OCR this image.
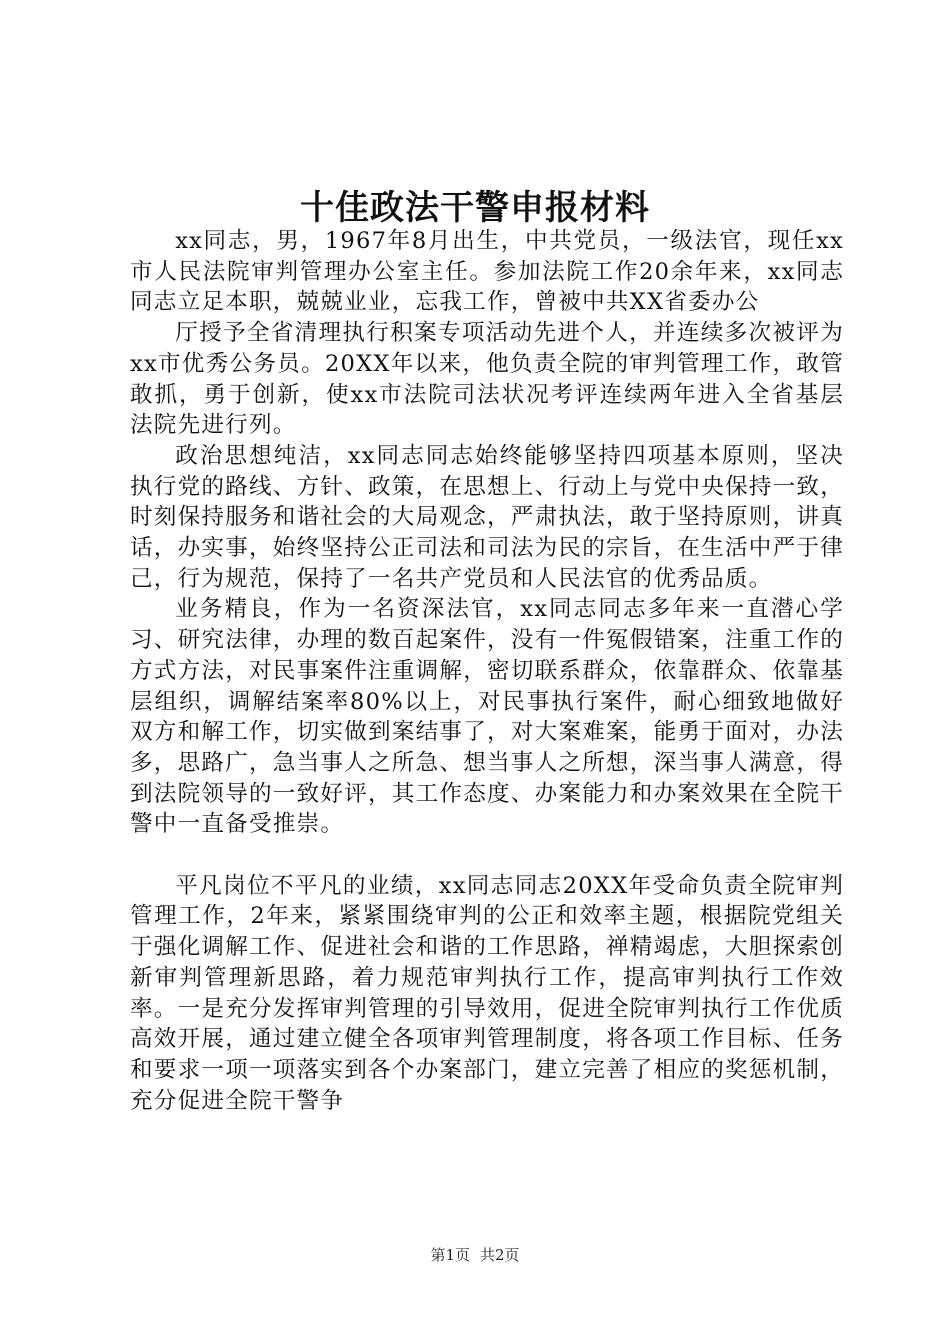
十佳政法干警申报材料

xx同志，男，1967年8月出生，中共党员，一级法官，现任xx市人民法院审判管理办公室主任。参加法院工作20余年来，xx同志同志立足本职，兢兢业业，忘我工作，曾被中共XX省委办公

厅授予全省清理执行积案专项活动先进个人，并连续多次被评为xx市优秀公务员。20XX年以来，他负责全院的审判管理工作，敢管敢抓，勇于创新，使xx市法院司法状况考评连续两年进入全省基层法院先进行列。

政治思想纯洁，xx同志同志始终能够坚持四项基本原则，坚决执行党的路线、方针、政策，在思想上、行动上与党中央保持一致，时刻保持服务和谐社会的大局观念，严肃执法，敢于坚持原则，讲真话，办实事，始终坚持公正司法和司法为民的宗旨，在生活中严于律己，行为规范，保持了一名共产党员和人民法官的优秀品质。

业务精良，作为一名资深法官，xx同志同志多年来一直潜心学习、研究法律，办理的数百起案件，没有一件冤假错案，注重工作的方式方法，对民事案件注重调解，密切联系群众，依靠群众、依靠基层组织，调解结案率80%以上，对民事执行案件，耐心细致地做好双方和解工作，切实做到案结事了，对大案难案，能勇于面对，办法多，思路广，急当事人之所急、想当事人之所想，深当事人满意，得到法院领导的一致好评，其工作态度、办案能力和办案效果在全院干警中一直备受推崇。

平凡岗位不平凡的业绩，xx同志同志20XX年受命负责全院审判管理工作，2年来，紧紧围绕审判的公正和效率主题，根据院党组关于强化调解工作、促进社会和谐的工作思路，禅精竭虑，大胆探索创新审判管理新思路，着力规范审判执行工作，提高审判执行工作效率。一是充分发挥审判管理的引导效用，促进全院审判执行工作优质高效开展，通过建立健全各项审判管理制度，将各项工作目标、任务和要求一项一项落实到各个办案部门，建立完善了相应的奖惩机制，充分促进全院干警争

第1页 共2页
